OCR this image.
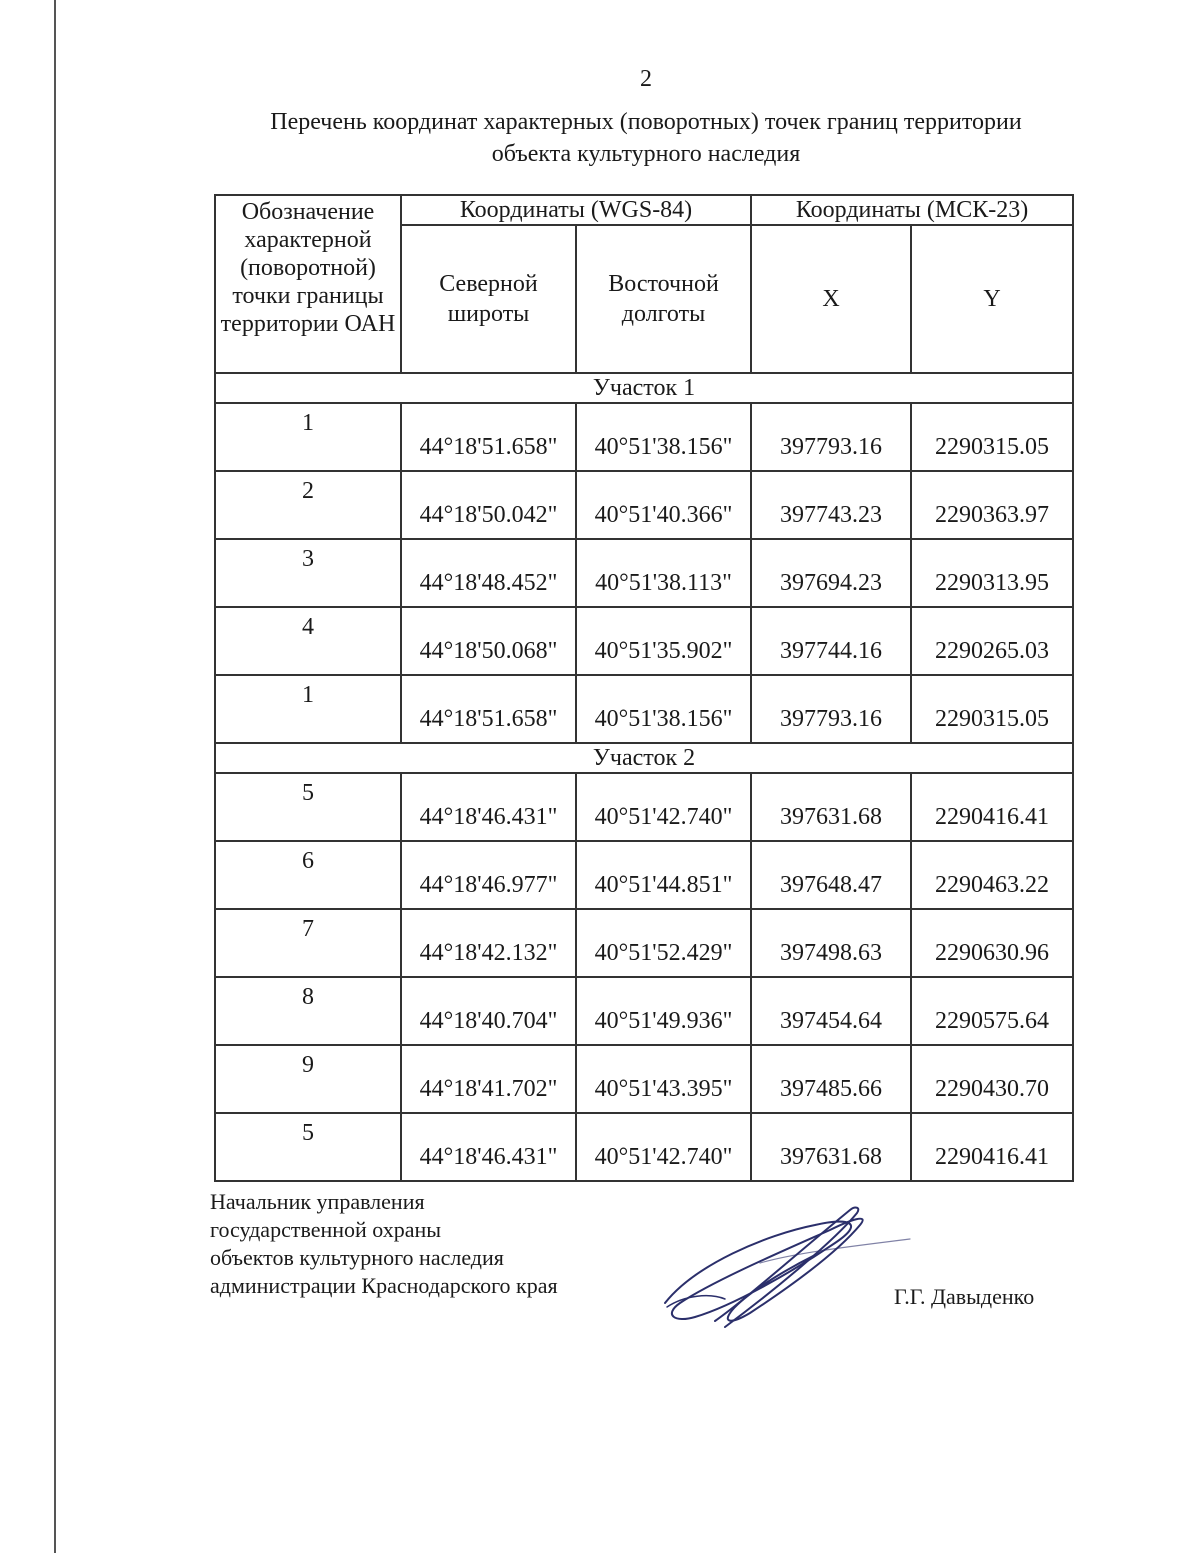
2
Перечень координат характерных (поворотных) точек границ территории
объекта культурного наследия
Обозначение характерной (поворотной) точки границы территории ОАН	Координаты (WGS-84)		Координаты (МСК-23)	
	Северной широты	Восточной долготы	X	Y
Участок 1				
1	44°18'51.658"	40°51'38.156"	397793.16	2290315.05
2	44°18'50.042"	40°51'40.366"	397743.23	2290363.97
3	44°18'48.452"	40°51'38.113"	397694.23	2290313.95
4	44°18'50.068"	40°51'35.902"	397744.16	2290265.03
1	44°18'51.658"	40°51'38.156"	397793.16	2290315.05
Участок 2				
5	44°18'46.431"	40°51'42.740"	397631.68	2290416.41
6	44°18'46.977"	40°51'44.851"	397648.47	2290463.22
7	44°18'42.132"	40°51'52.429"	397498.63	2290630.96
8	44°18'40.704"	40°51'49.936"	397454.64	2290575.64
9	44°18'41.702"	40°51'43.395"	397485.66	2290430.70
5	44°18'46.431"	40°51'42.740"	397631.68	2290416.41
Начальник управления
государственной охраны
объектов культурного наследия
администрации Краснодарского края	Г.Г. Давыденко
